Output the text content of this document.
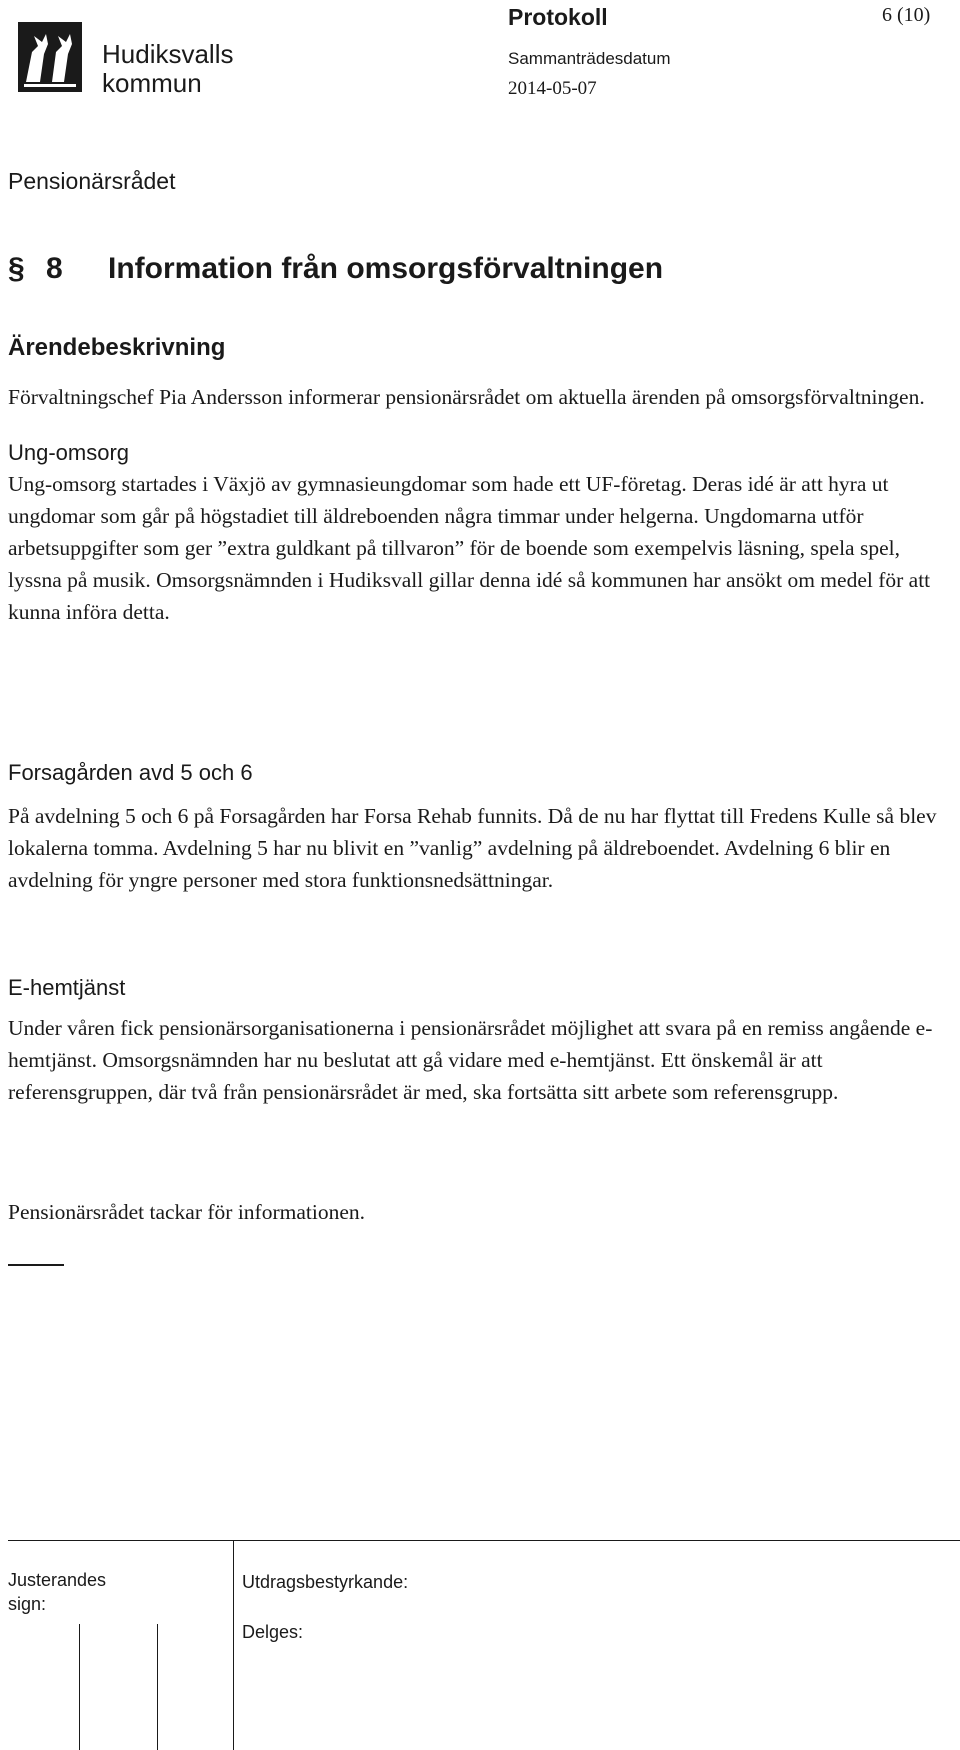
Hudiksvalls
kommun
Protokoll	6 (10)
Sammanträdesdatum
2014-05-07
Pensionärsrådet
§ 8	Information från omsorgsförvaltningen
Ärendebeskrivning

Förvaltningschef Pia Andersson informerar pensionärsrådet om aktuella ärenden på omsorgsförvaltningen.

Ung-omsorg

Ung-omsorg startades i Växjö av gymnasieungdomar som hade ett UF-företag. Deras idé är att hyra ut ungdomar som går på högstadiet till äldreboenden några timmar under helgerna. Ungdomarna utför arbetsuppgifter som ger ”extra guldkant på tillvaron” för de boende som exempelvis läsning, spela spel, lyssna på musik. Omsorgsnämnden i Hudiksvall gillar denna idé så kommunen har ansökt om medel för att kunna införa detta.

Forsagården avd 5 och 6

På avdelning 5 och 6 på Forsagården har Forsa Rehab funnits. Då de nu har flyttat till Fredens Kulle så blev lokalerna tomma. Avdelning 5 har nu blivit en ”vanlig” avdelning på äldreboendet. Avdelning 6 blir en avdelning för yngre personer med stora funktionsnedsättningar.

E-hemtjänst

Under våren fick pensionärsorganisationerna i pensionärsrådet möjlighet att svara på en remiss angående e-hemtjänst. Omsorgsnämnden har nu beslutat att gå vidare med e-hemtjänst. Ett önskemål är att referensgruppen, där två från pensionärsrådet är med, ska fortsätta sitt arbete som referensgrupp.

Pensionärsrådet tackar för informationen.

Justerandes sign:
Utdragsbestyrkande:
Delges:
